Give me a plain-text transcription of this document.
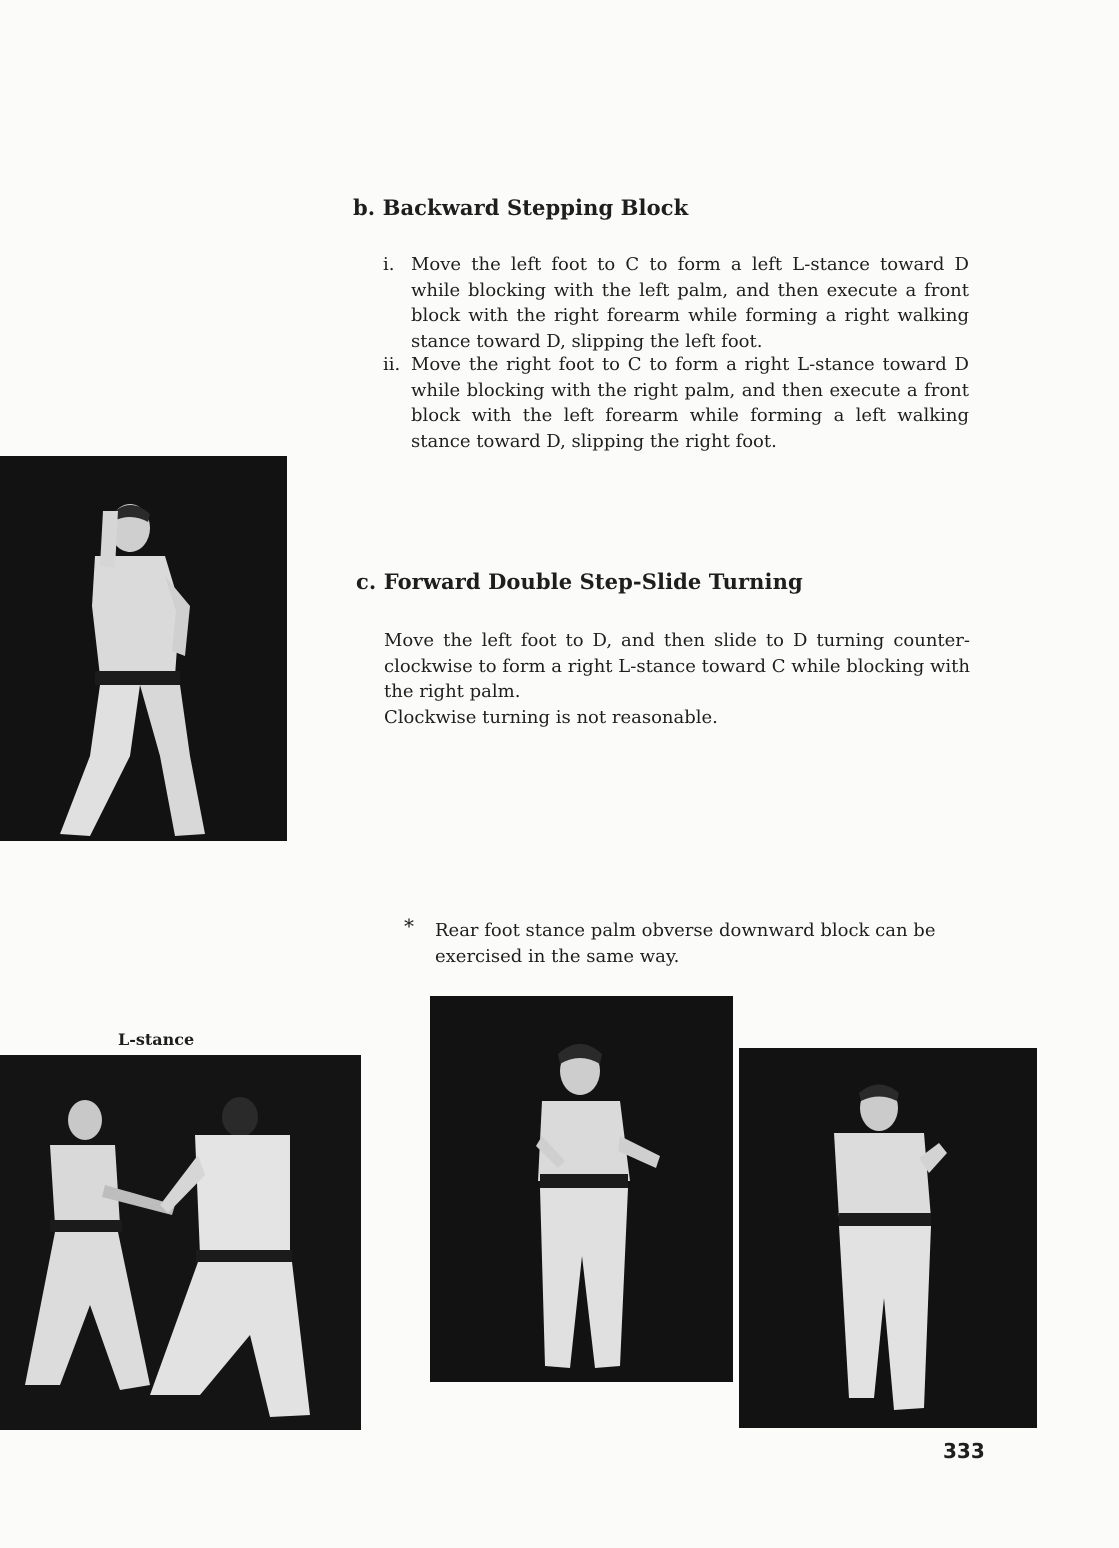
b. Backward Stepping Block
i. Move the left foot to C to form a left L-stance toward D while blocking with the left palm, and then execute a front block with the right forearm while forming a right walking stance toward D, slipping the left foot.
ii. Move the right foot to C to form a right L-stance toward D while blocking with the right palm, and then execute a front block with the left forearm while forming a left walking stance toward D, slipping the right foot.
c. Forward Double Step-Slide Turning
Move the left foot to D, and then slide to D turning counter-clockwise to form a right L-stance toward C while blocking with the right palm.
Clockwise turning is not reasonable.
* Rear foot stance palm obverse downward block can be exercised in the same way.
L-stance
333
